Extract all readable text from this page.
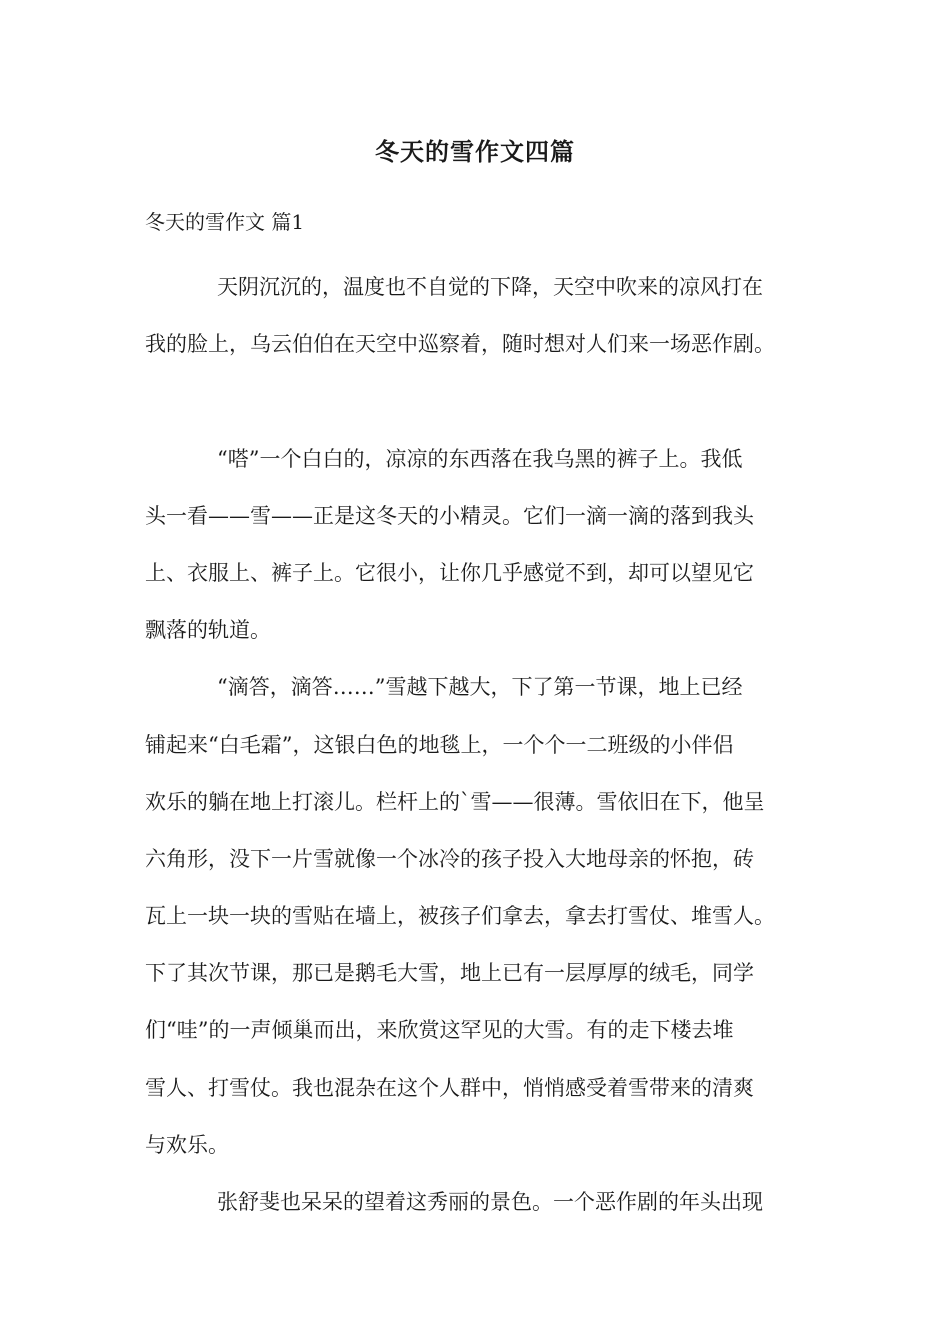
冬天的雪作文四篇
冬天的雪作文 篇1
天阴沉沉的，温度也不自觉的下降，天空中吹来的凉风打在
我的脸上，乌云伯伯在天空中巡察着，随时想对人们来一场恶作剧。
“嗒”一个白白的，凉凉的东西落在我乌黑的裤子上。我低
头一看——雪——正是这冬天的小精灵。它们一滴一滴的落到我头
上、衣服上、裤子上。它很小，让你几乎感觉不到，却可以望见它
飘落的轨道。
“滴答，滴答……”雪越下越大，下了第一节课，地上已经
铺起来“白毛霜”，这银白色的地毯上，一个个一二班级的小伴侣
欢乐的躺在地上打滚儿。栏杆上的`雪——很薄。雪依旧在下，他呈
六角形，没下一片雪就像一个冰冷的孩子投入大地母亲的怀抱，砖
瓦上一块一块的雪贴在墙上，被孩子们拿去，拿去打雪仗、堆雪人。
下了其次节课，那已是鹅毛大雪，地上已有一层厚厚的绒毛，同学
们“哇”的一声倾巢而出，来欣赏这罕见的大雪。有的走下楼去堆
雪人、打雪仗。我也混杂在这个人群中，悄悄感受着雪带来的清爽
与欢乐。
张舒斐也呆呆的望着这秀丽的景色。一个恶作剧的年头出现
